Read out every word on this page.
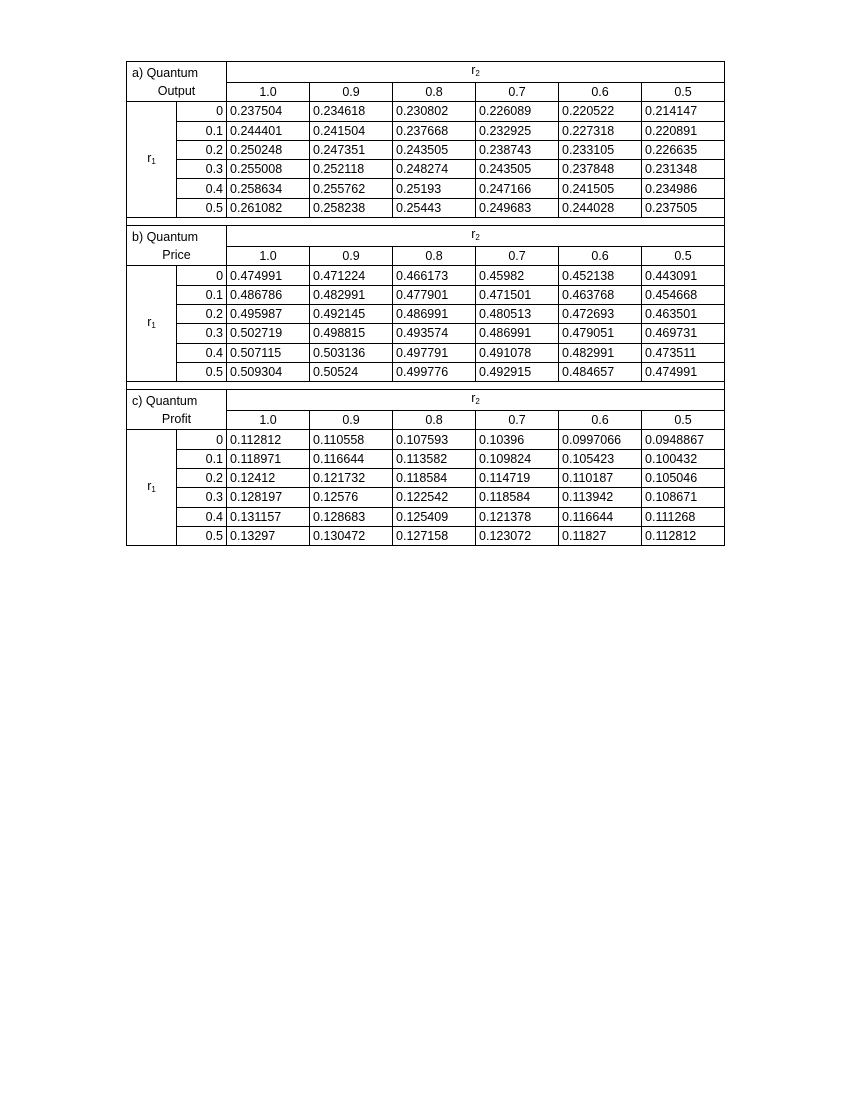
a) Quantum
Output		$r_2$
		1.0	0.9	0.8	0.7	0.6	0.5
$r_1$	0	0.237504	0.234618	0.230802	0.226089	0.220522	0.214147
	0.1	0.244401	0.241504	0.237668	0.232925	0.227318	0.220891
	0.2	0.250248	0.247351	0.243505	0.238743	0.233105	0.226635
	0.3	0.255008	0.252118	0.248274	0.243505	0.237848	0.231348
	0.4	0.258634	0.255762	0.25193	0.247166	0.241505	0.234986
	0.5	0.261082	0.258238	0.25443	0.249683	0.244028	0.237505

b) Quantum
Price		$r_2$
		1.0	0.9	0.8	0.7	0.6	0.5
$r_1$	0	0.474991	0.471224	0.466173	0.45982	0.452138	0.443091
	0.1	0.486786	0.482991	0.477901	0.471501	0.463768	0.454668
	0.2	0.495987	0.492145	0.486991	0.480513	0.472693	0.463501
	0.3	0.502719	0.498815	0.493574	0.486991	0.479051	0.469731
	0.4	0.507115	0.503136	0.497791	0.491078	0.482991	0.473511
	0.5	0.509304	0.50524	0.499776	0.492915	0.484657	0.474991

c) Quantum
Profit		$r_2$
		1.0	0.9	0.8	0.7	0.6	0.5
$r_1$	0	0.112812	0.110558	0.107593	0.10396	0.0997066	0.0948867
	0.1	0.118971	0.116644	0.113582	0.109824	0.105423	0.100432
	0.2	0.12412	0.121732	0.118584	0.114719	0.110187	0.105046
	0.3	0.128197	0.12576	0.122542	0.118584	0.113942	0.108671
	0.4	0.131157	0.128683	0.125409	0.121378	0.116644	0.111268
	0.5	0.13297	0.130472	0.127158	0.123072	0.11827	0.112812
